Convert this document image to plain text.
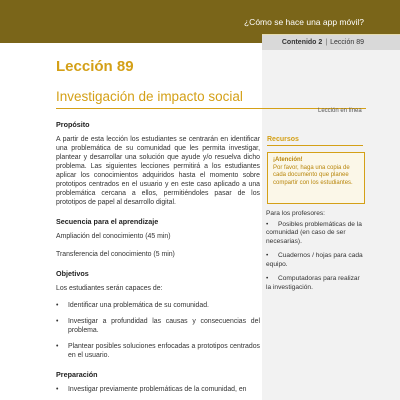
¿Cómo se hace una app móvil?
Contenido 2 | Lección 89
Lección 89
Investigación de impacto social
Propósito

A partir de esta lección los estudiantes se centrarán en identificar una problemática de su comunidad que les permita investigar, plantear y desarrollar una solución que ayude y/o resuelva dicho problema. Las siguientes lecciones permitirá a los estudiantes aplicar los conocimientos adquiridos hasta el momento sobre prototipos centrados en el usuario y en este caso aplicado a una problemática cercana a ellos, permitiéndoles pasar de los prototipos de papel al desarrollo digital.

Secuencia para el aprendizaje

Ampliación del conocimiento (45 min)

Transferencia del conocimiento (5 min)

Objetivos

Los estudiantes serán capaces de:

•	Identificar una problemática de su comunidad.
•	Investigar a profundidad las causas y consecuencias del problema.
•	Plantear posibles soluciones enfocadas a prototipos centrados en el usuario.
Preparación
•	Investigar previamente problemáticas de la comunidad, en
Lección en línea
Recursos
¡Atención!
Por favor, haga una copia de cada documento que planee compartir con los estudiantes.
Para los profesores:
• Posibles problemáticas de la comunidad (en caso de ser necesarias).
• Cuadernos / hojas para cada equipo.
• Computadoras para realizar la investigación.
